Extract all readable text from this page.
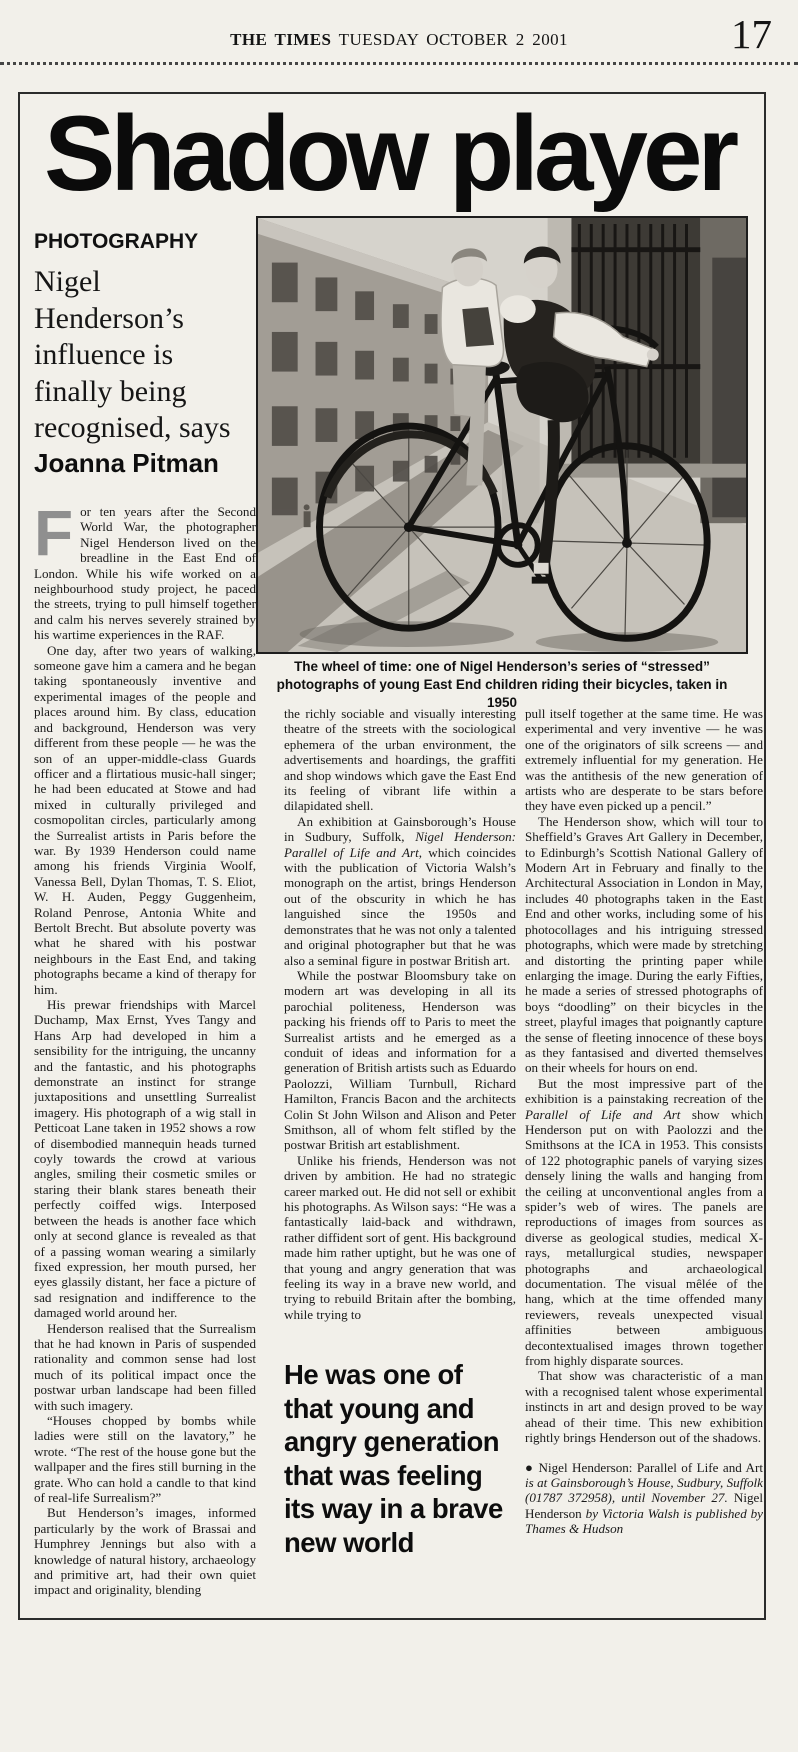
THE TIMES TUESDAY OCTOBER 2 2001	17
Shadow player
PHOTOGRAPHY
Nigel Henderson’s influence is finally being recognised, says
Joanna Pitman
The wheel of time: one of Nigel Henderson’s series of “stressed” photographs of young East End children riding their bicycles, taken in 1950

For ten years after the Second World War, the photographer Nigel Henderson lived on the breadline in the East End of London. While his wife worked on a neighbourhood study project, he paced the streets, trying to pull himself together and calm his nerves severely strained by his wartime experiences in the RAF.

One day, after two years of walking, someone gave him a camera and he began taking spontaneously inventive and experimental images of the people and places around him. By class, education and background, Henderson was very different from these people — he was the son of an upper-middle-class Guards officer and a flirtatious music-hall singer; he had been educated at Stowe and had mixed in culturally privileged and cosmopolitan circles, particularly among the Surrealist artists in Paris before the war. By 1939 Henderson could name among his friends Virginia Woolf, Vanessa Bell, Dylan Thomas, T. S. Eliot, W. H. Auden, Peggy Guggenheim, Roland Penrose, Antonia White and Bertolt Brecht. But absolute poverty was what he shared with his postwar neighbours in the East End, and taking photographs became a kind of therapy for him.

His prewar friendships with Marcel Duchamp, Max Ernst, Yves Tangy and Hans Arp had developed in him a sensibility for the intriguing, the uncanny and the fantastic, and his photographs demonstrate an instinct for strange juxtapositions and unsettling Surrealist imagery. His photograph of a wig stall in Petticoat Lane taken in 1952 shows a row of disembodied mannequin heads turned coyly towards the crowd at various angles, smiling their cosmetic smiles or staring their blank stares beneath their perfectly coiffed wigs. Interposed between the heads is another face which only at second glance is revealed as that of a passing woman wearing a similarly fixed expression, her mouth pursed, her eyes glassily distant, her face a picture of sad resignation and indifference to the damaged world around her.

Henderson realised that the Surrealism that he had known in Paris of suspended rationality and common sense had lost much of its political impact once the postwar urban landscape had been filled with such imagery.

“Houses chopped by bombs while ladies were still on the lavatory,” he wrote. “The rest of the house gone but the wallpaper and the fires still burning in the grate. Who can hold a candle to that kind of real-life Surrealism?”

But Henderson’s images, informed particularly by the work of Brassai and Humphrey Jennings but also with a knowledge of natural history, archaeology and primitive art, had their own quiet impact and originality, blending

the richly sociable and visually interesting theatre of the streets with the sociological ephemera of the urban environment, the advertisements and hoardings, the graffiti and shop windows which gave the East End its feeling of vibrant life within a dilapidated shell.

An exhibition at Gainsborough’s House in Sudbury, Suffolk, Nigel Henderson: Parallel of Life and Art, which coincides with the publication of Victoria Walsh’s monograph on the artist, brings Henderson out of the obscurity in which he has languished since the 1950s and demonstrates that he was not only a talented and original photographer but that he was also a seminal figure in postwar British art.

While the postwar Bloomsbury take on modern art was developing in all its parochial politeness, Henderson was packing his friends off to Paris to meet the Surrealist artists and he emerged as a conduit of ideas and information for a generation of British artists such as Eduardo Paolozzi, William Turnbull, Richard Hamilton, Francis Bacon and the architects Colin St John Wilson and Alison and Peter Smithson, all of whom felt stifled by the postwar British art establishment.

Unlike his friends, Henderson was not driven by ambition. He had no strategic career marked out. He did not sell or exhibit his photographs. As Wilson says: “He was a fantastically laid-back and withdrawn, rather diffident sort of gent. His background made him rather uptight, but he was one of that young and angry generation that was feeling its way in a brave new world, and trying to rebuild Britain after the bombing, while trying to

He was one of that young and angry generation that was feeling its way in a brave new world

pull itself together at the same time. He was experimental and very inventive — he was one of the originators of silk screens — and extremely influential for my generation. He was the antithesis of the new generation of artists who are desperate to be stars before they have even picked up a pencil.”

The Henderson show, which will tour to Sheffield’s Graves Art Gallery in December, to Edinburgh’s Scottish National Gallery of Modern Art in February and finally to the Architectural Association in London in May, includes 40 photographs taken in the East End and other works, including some of his photocollages and his intriguing stressed photographs, which were made by stretching and distorting the printing paper while enlarging the image. During the early Fifties, he made a series of stressed photographs of boys “doodling” on their bicycles in the street, playful images that poignantly capture the sense of fleeting innocence of these boys as they fantasised and diverted themselves on their wheels for hours on end.

But the most impressive part of the exhibition is a painstaking recreation of the Parallel of Life and Art show which Henderson put on with Paolozzi and the Smithsons at the ICA in 1953. This consists of 122 photographic panels of varying sizes densely lining the walls and hanging from the ceiling at unconventional angles from a spider’s web of wires. The panels are reproductions of images from sources as diverse as geological studies, medical X-rays, metallurgical studies, newspaper photographs and archaeological documentation. The visual mêlée of the hang, which at the time offended many reviewers, reveals unexpected visual affinities between ambiguous decontextualised images thrown together from highly disparate sources.

That show was characteristic of a man with a recognised talent whose experimental instincts in art and design proved to be way ahead of their time. This new exhibition rightly brings Henderson out of the shadows.

● Nigel Henderson: Parallel of Life and Art is at Gainsborough’s House, Sudbury, Suffolk (01787 372958), until November 27. Nigel Henderson by Victoria Walsh is published by Thames & Hudson
